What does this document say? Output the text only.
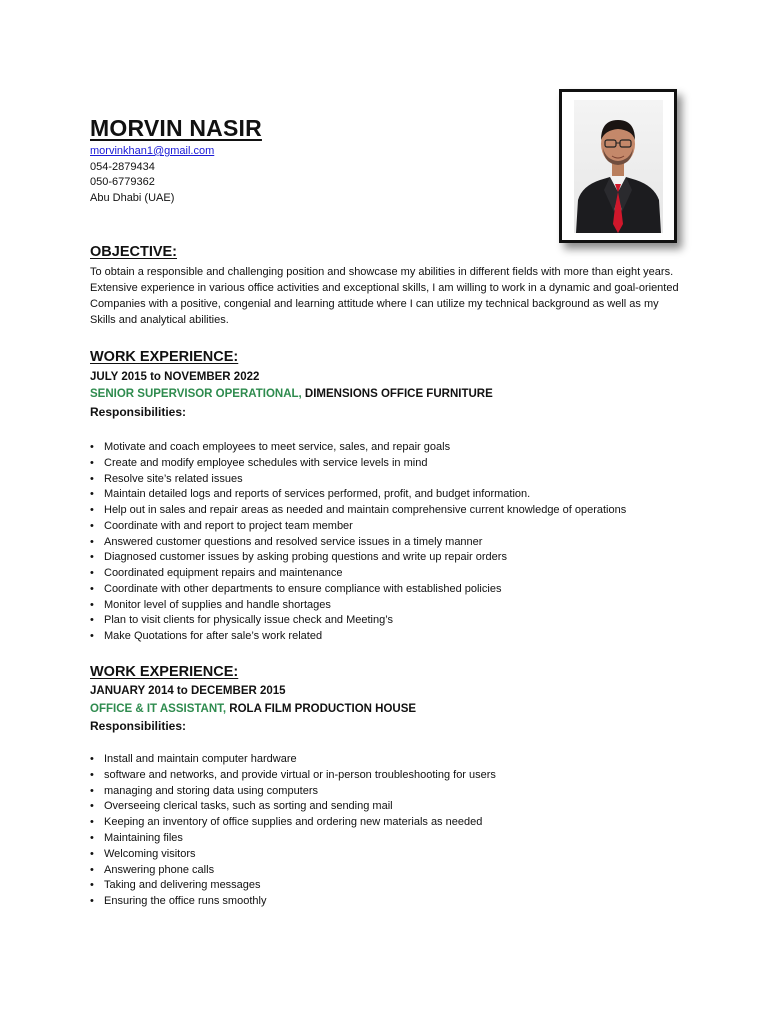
MORVIN NASIR
morvinkhan1@gmail.com
054-2879434
050-6779362
Abu Dhabi (UAE)
OBJECTIVE:

To obtain a responsible and challenging position and showcase my abilities in different fields with more than eight years. Extensive experience in various office activities and exceptional skills, I am willing to work in a dynamic and goal-oriented Companies with a positive, congenial and learning attitude where I can utilize my technical background as well as my Skills and analytical abilities.

WORK EXPERIENCE:
JULY 2015 to NOVEMBER 2022
SENIOR SUPERVISOR OPERATIONAL, DIMENSIONS OFFICE FURNITURE
Responsibilities:
• Motivate and coach employees to meet service, sales, and repair goals
• Create and modify employee schedules with service levels in mind
• Resolve site’s related issues
• Maintain detailed logs and reports of services performed, profit, and budget information.
• Help out in sales and repair areas as needed and maintain comprehensive current knowledge of operations
• Coordinate with and report to project team member
• Answered customer questions and resolved service issues in a timely manner
• Diagnosed customer issues by asking probing questions and write up repair orders
• Coordinated equipment repairs and maintenance
• Coordinate with other departments to ensure compliance with established policies
• Monitor level of supplies and handle shortages
• Plan to visit clients for physically issue check and Meeting’s
• Make Quotations for after sale’s work related
WORK EXPERIENCE:
JANUARY 2014 to DECEMBER 2015
OFFICE & IT ASSISTANT, ROLA FILM PRODUCTION HOUSE
Responsibilities:
• Install and maintain computer hardware
• software and networks, and provide virtual or in-person troubleshooting for users
• managing and storing data using computers
• Overseeing clerical tasks, such as sorting and sending mail
• Keeping an inventory of office supplies and ordering new materials as needed
• Maintaining files
• Welcoming visitors
• Answering phone calls
• Taking and delivering messages
• Ensuring the office runs smoothly
